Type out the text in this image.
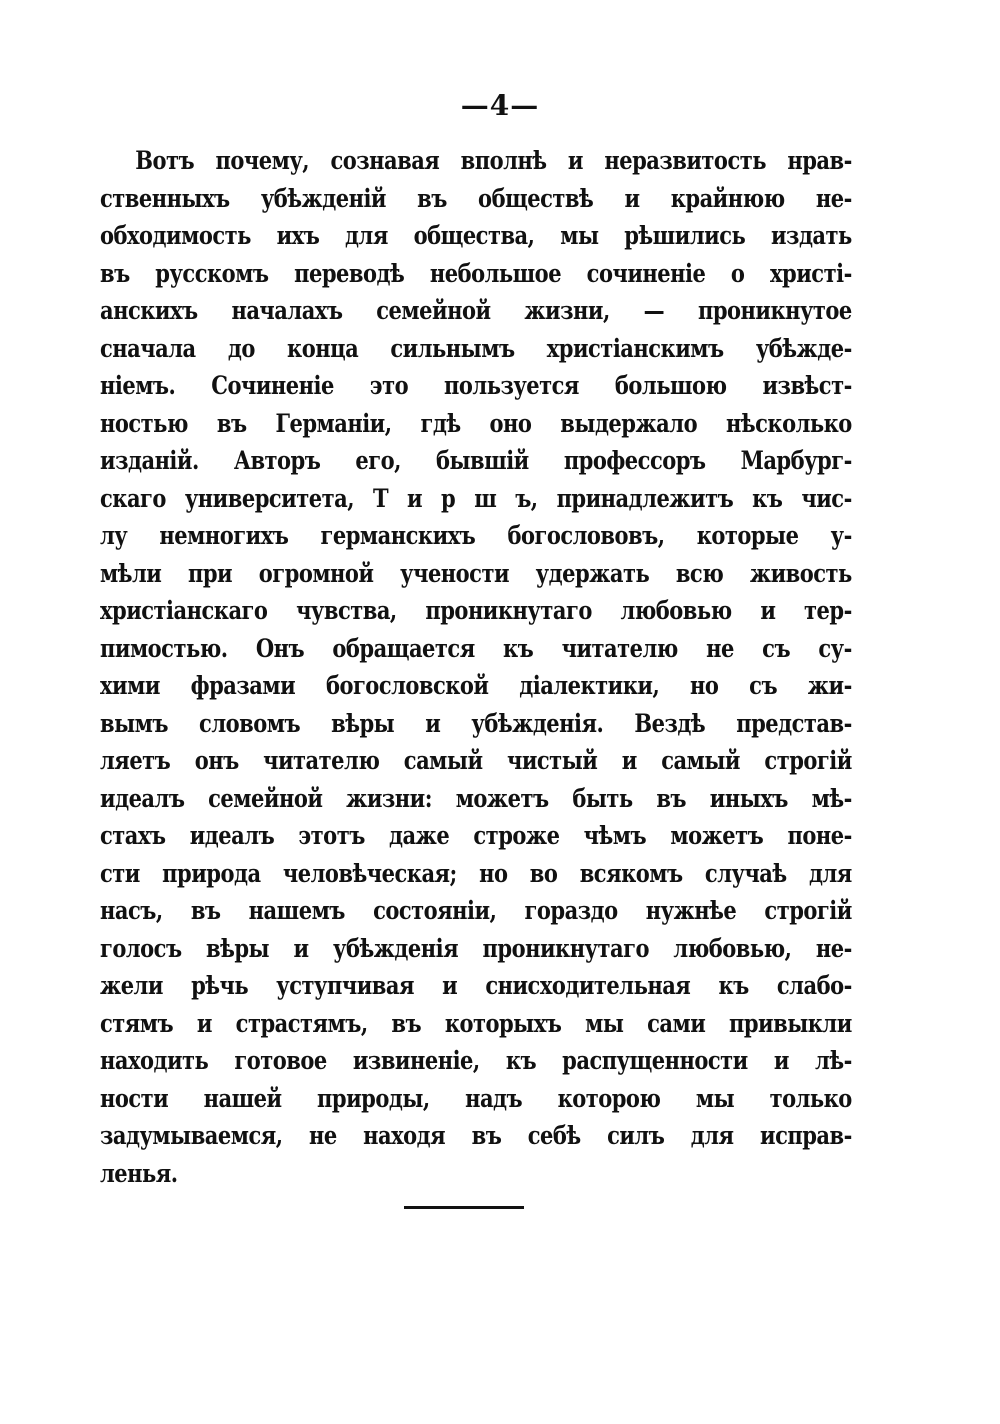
—4—
Вотъ почему, сознавая вполнѣ и неразвитость нрав-
ственныхъ убѣжденій въ обществѣ и крайнюю не-
обходимость ихъ для общества, мы рѣшились издать
въ русскомъ переводѣ небольшое сочиненіе о христі-
анскихъ началахъ семейной жизни, — проникнутое
сначала до конца сильнымъ христіанскимъ убѣжде-
ніемъ. Сочиненіе это пользуется большою извѣст-
ностью въ Германіи, гдѣ оно выдержало нѣсколько
изданій. Авторъ его, бывшій профессоръ Марбург-
скаго университета, Т и р ш ъ, принадлежитъ къ чис-
лу немногихъ германскихъ богослововъ, которые у-
мѣли при огромной учености удержать всю живость
христіанскаго чувства, проникнутаго любовью и тер-
пимостью. Онъ обращается къ читателю не съ су-
хими фразами богословской діалектики, но съ жи-
вымъ словомъ вѣры и убѣжденія. Вездѣ представ-
ляетъ онъ читателю самый чистый и самый строгій
идеалъ семейной жизни: можетъ быть въ иныхъ мѣ-
стахъ идеалъ этотъ даже строже чѣмъ можетъ поне-
сти природа человѣческая; но во всякомъ случаѣ для
насъ, въ нашемъ состояніи, гораздо нужнѣе строгій
голосъ вѣры и убѣжденія проникнутаго любовью, не-
жели рѣчь уступчивая и снисходительная къ слабо-
стямъ и страстямъ, въ которыхъ мы сами привыкли
находить готовое извиненіе, къ распущенности и лѣ-
ности нашей природы, надъ которою мы только
задумываемся, не находя въ себѣ силъ для исправ-
ленья.
